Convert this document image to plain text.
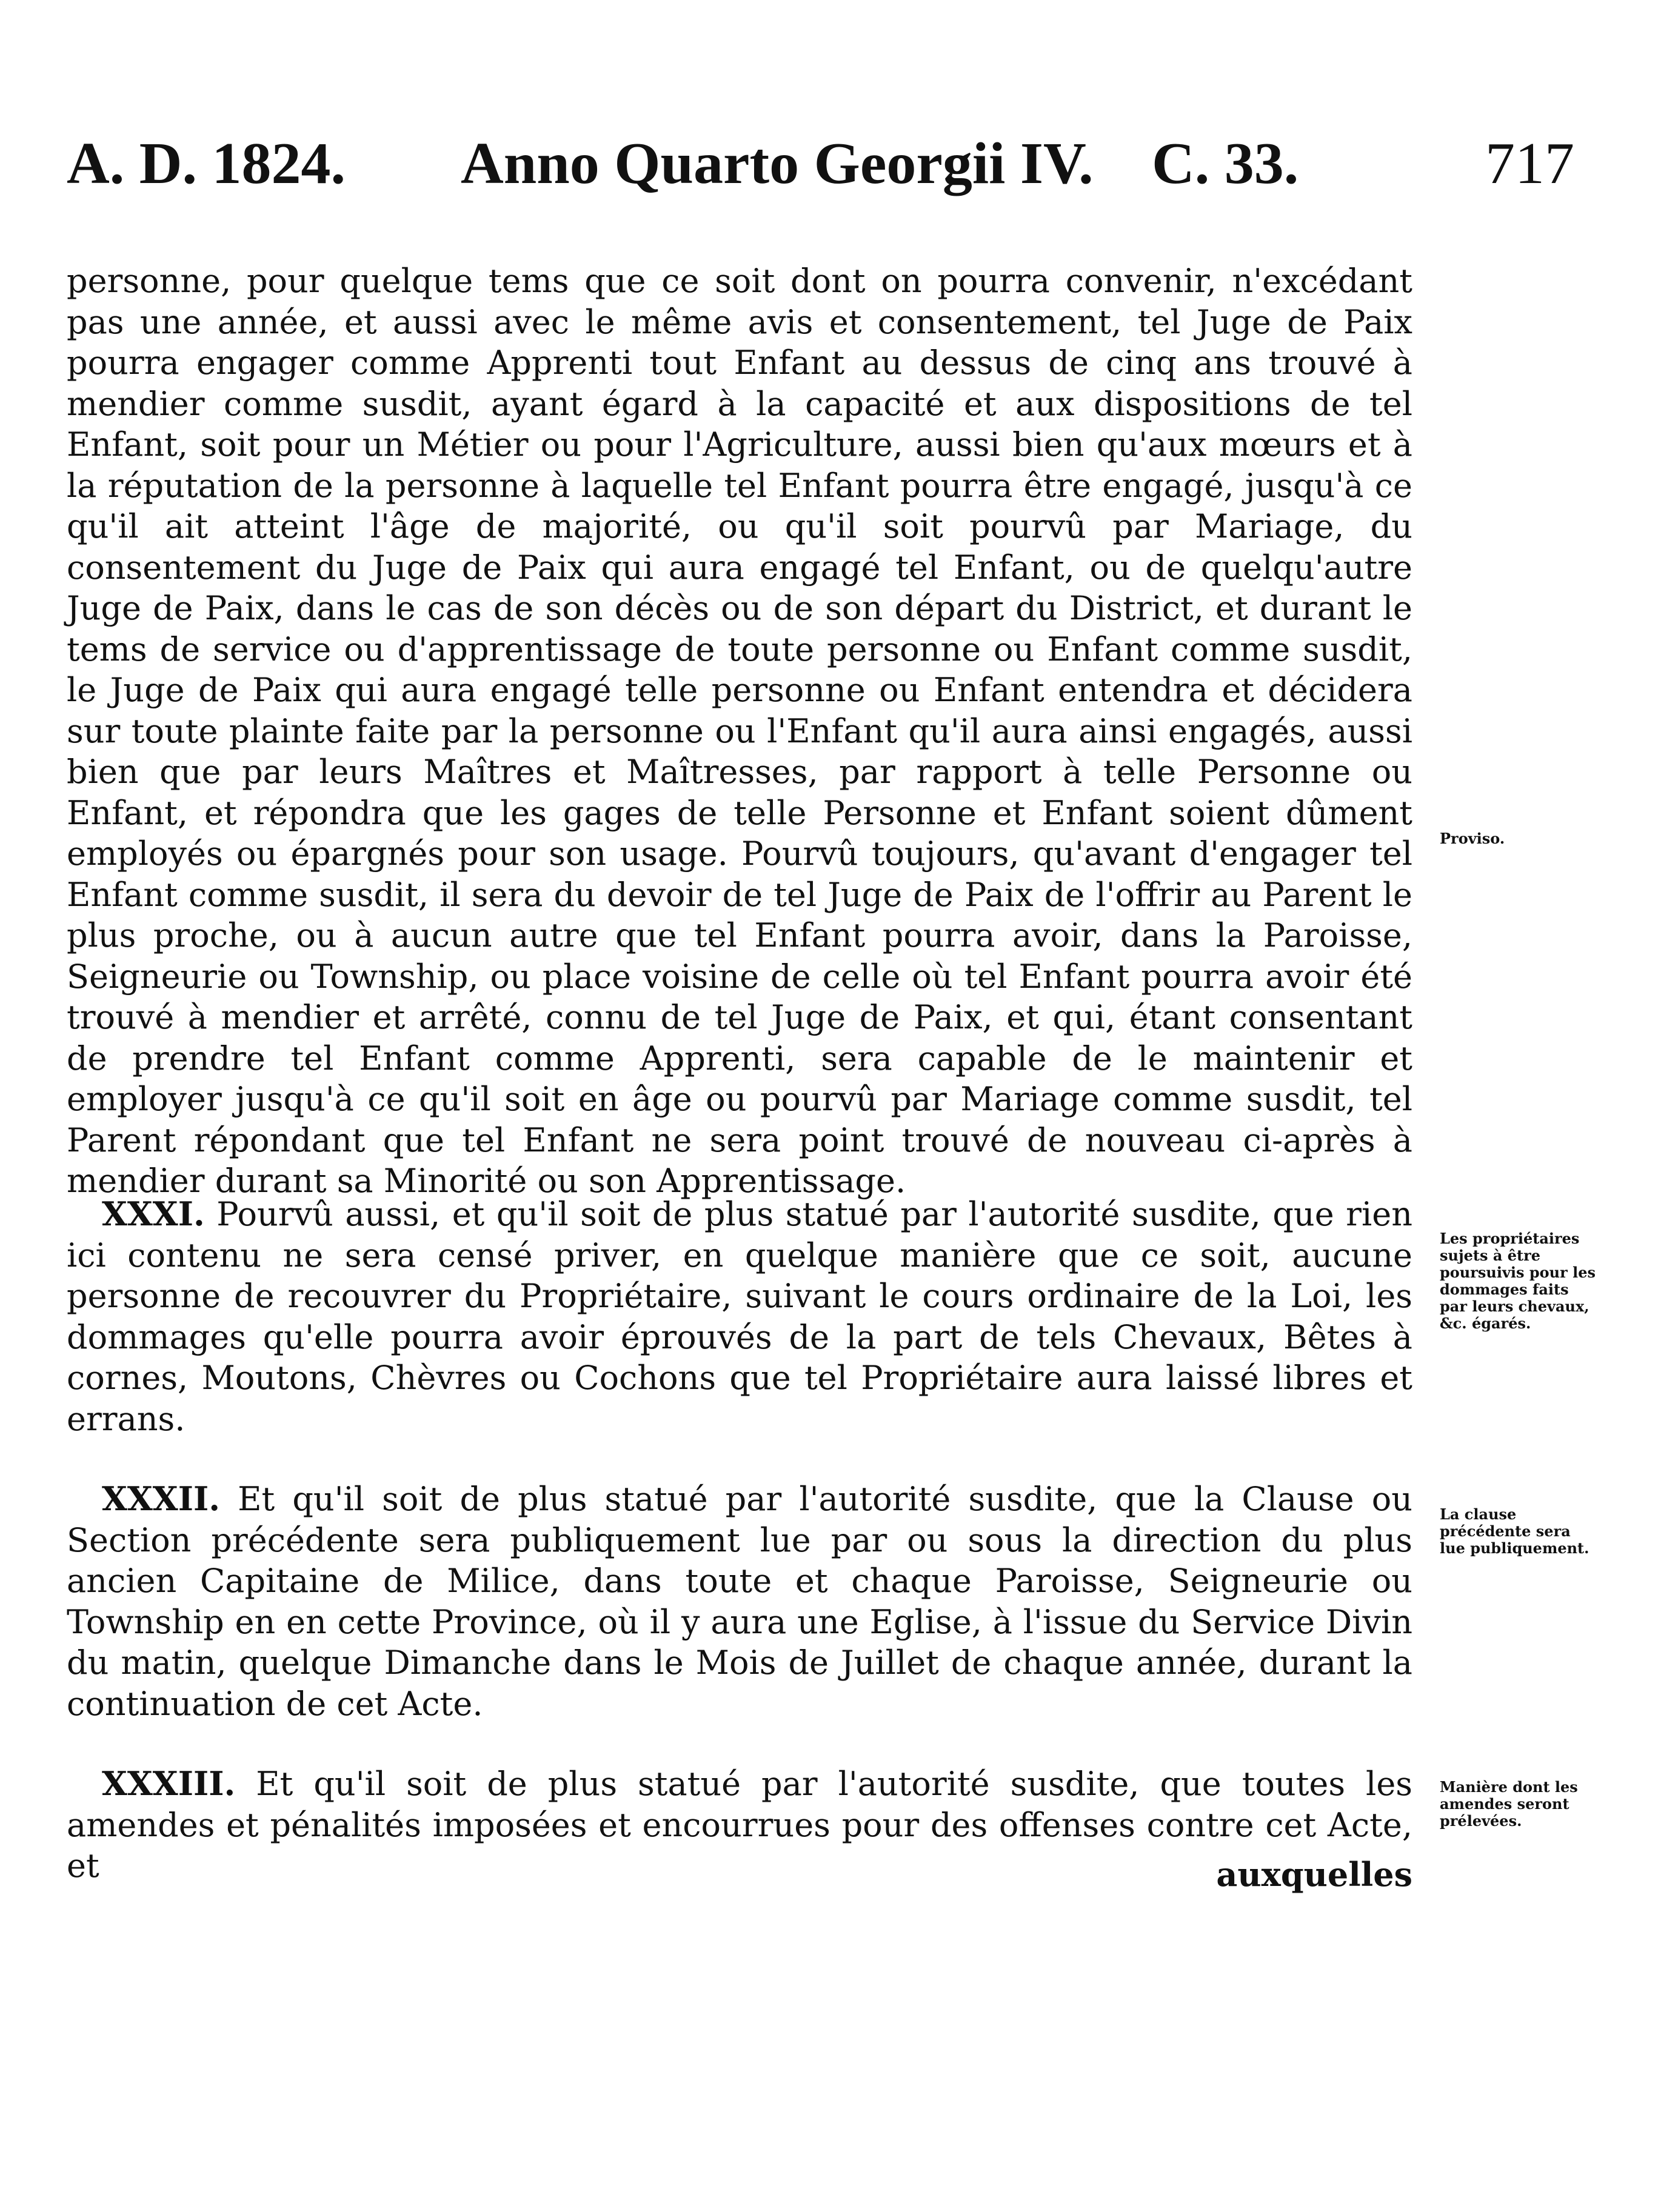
A. D. 1824. Anno Quarto Georgii IV. C. 33.	717

personne, pour quelque tems que ce soit dont on pourra convenir, n'excédant pas une année, et aussi avec le même avis et consentement, tel Juge de Paix pourra engager comme Apprenti tout Enfant au dessus de cinq ans trouvé à mendier comme susdit, ayant égard à la capacité et aux dispositions de tel Enfant, soit pour un Métier ou pour l'Agriculture, aussi bien qu'aux mœurs et à la réputation de la personne à laquelle tel Enfant pourra être engagé, jusqu'à ce qu'il ait atteint l'âge de majorité, ou qu'il soit pourvû par Mariage, du consentement du Juge de Paix qui aura engagé tel Enfant, ou de quelqu'autre Juge de Paix, dans le cas de son décès ou de son départ du District, et durant le tems de service ou d'apprentissage de toute personne ou Enfant comme susdit, le Juge de Paix qui aura engagé telle personne ou Enfant entendra et décidera sur toute plainte faite par la personne ou l'Enfant qu'il aura ainsi engagés, aussi bien que par leurs Maîtres et Maîtresses, par rapport à telle Personne ou Enfant, et répondra que les gages de telle Personne et Enfant soient dûment employés ou épargnés pour son usage. Pourvû toujours, qu'avant d'engager tel Enfant comme susdit, il sera du devoir de tel Juge de Paix de l'offrir au Parent le plus proche, ou à aucun autre que tel Enfant pourra avoir, dans la Paroisse, Seigneurie ou Township, ou place voisine de celle où tel Enfant pourra avoir été trouvé à mendier et arrêté, connu de tel Juge de Paix, et qui, étant consentant de prendre tel Enfant comme Apprenti, sera capable de le maintenir et employer jusqu'à ce qu'il soit en âge ou pourvû par Mariage comme susdit, tel Parent répondant que tel Enfant ne sera point trouvé de nouveau ci-après à mendier durant sa Minorité ou son Apprentissage.

XXXI. Pourvû aussi, et qu'il soit de plus statué par l'autorité susdite, que rien ici contenu ne sera censé priver, en quelque manière que ce soit, aucune personne de recouvrer du Propriétaire, suivant le cours ordinaire de la Loi, les dommages qu'elle pourra avoir éprouvés de la part de tels Chevaux, Bêtes à cornes, Moutons, Chèvres ou Cochons que tel Propriétaire aura laissé libres et errans.

XXXII. Et qu'il soit de plus statué par l'autorité susdite, que la Clause ou Section précédente sera publiquement lue par ou sous la direction du plus ancien Capitaine de Milice, dans toute et chaque Paroisse, Seigneurie ou Township en en cette Province, où il y aura une Eglise, à l'issue du Service Divin du matin, quelque Dimanche dans le Mois de Juillet de chaque année, durant la continuation de cet Acte.

XXXIII. Et qu'il soit de plus statué par l'autorité susdite, que toutes les amendes et pénalités imposées et encourrues pour des offenses contre cet Acte, et	auxquelles
Proviso.
Les propriétaires sujets à être poursuivis pour les dommages faits par leurs chevaux, &c. égarés.
La clause précédente sera lue publiquement.
Manière dont les amendes seront prélevées.
